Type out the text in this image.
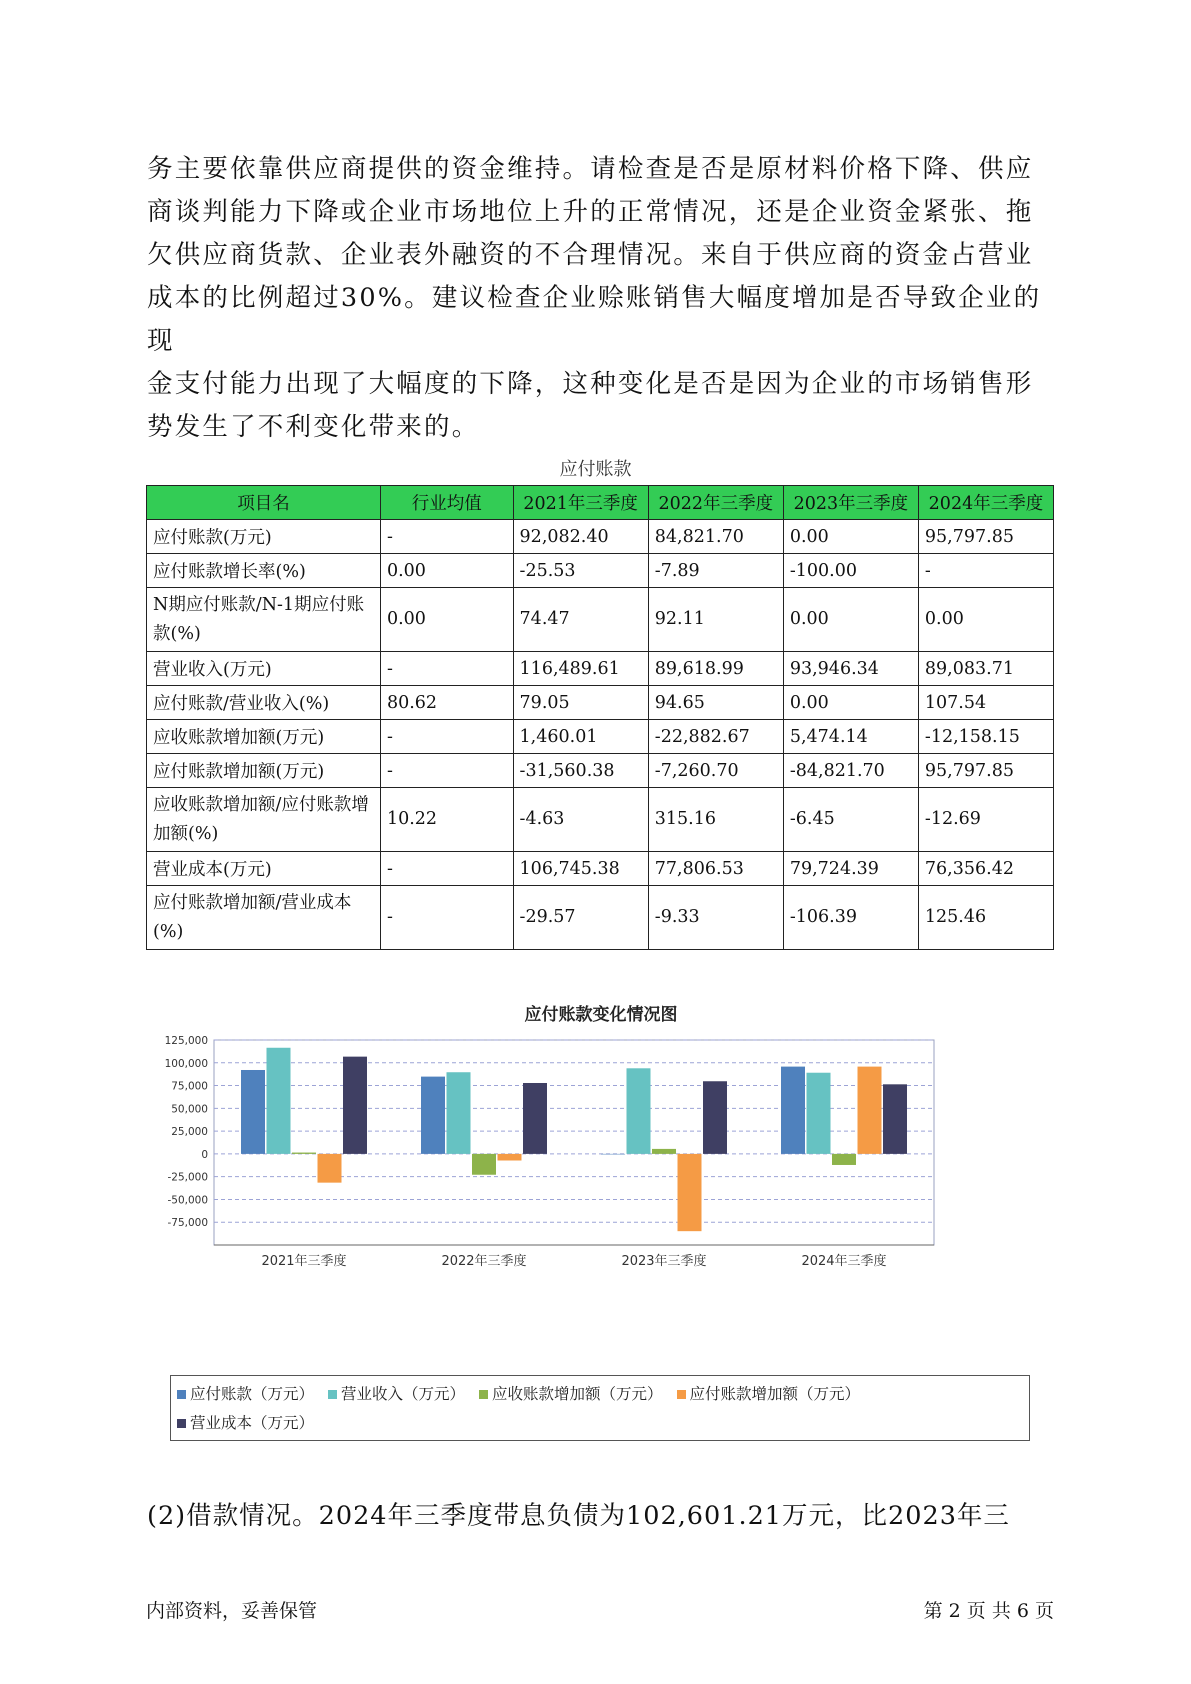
务主要依靠供应商提供的资金维持。请检查是否是原材料价格下降、供应
商谈判能力下降或企业市场地位上升的正常情况，还是企业资金紧张、拖
欠供应商货款、企业表外融资的不合理情况。来自于供应商的资金占营业
成本的比例超过30%。建议检查企业赊账销售大幅度增加是否导致企业的现
金支付能力出现了大幅度的下降，这种变化是否是因为企业的市场销售形
势发生了不利变化带来的。

应付账款
项目名	行业均值	2021年三季度	2022年三季度	2023年三季度	2024年三季度
应付账款(万元)	-	92,082.40	84,821.70	0.00	95,797.85
应付账款增长率(%)	0.00	-25.53	-7.89	-100.00	-
N期应付账款/N-1期应付账款(%)	0.00	74.47	92.11	0.00	0.00
营业收入(万元)	-	116,489.61	89,618.99	93,946.34	89,083.71
应付账款/营业收入(%)	80.62	79.05	94.65	0.00	107.54
应收账款增加额(万元)	-	1,460.01	-22,882.67	5,474.14	-12,158.15
应付账款增加额(万元)	-	-31,560.38	-7,260.70	-84,821.70	95,797.85
应收账款增加额/应付账款增加额(%)	10.22	-4.63	315.16	-6.45	-12.69
营业成本(万元)	-	106,745.38	77,806.53	79,724.39	76,356.42
应付账款增加额/营业成本(%)	-	-29.57	-9.33	-106.39	125.46
应付账款变化情况图
125,000
100,000
75,000
50,000
25,000
0
-25,000
-50,000
-75,000
2021年三季度	2022年三季度	2023年三季度	2024年三季度
应付账款（万元） 营业收入（万元） 应收账款增加额（万元） 应付账款增加额（万元）
营业成本（万元）

(2)借款情况。2024年三季度带息负债为102,601.21万元，比2023年三

内部资料，妥善保管	第 2 页 共 6 页
